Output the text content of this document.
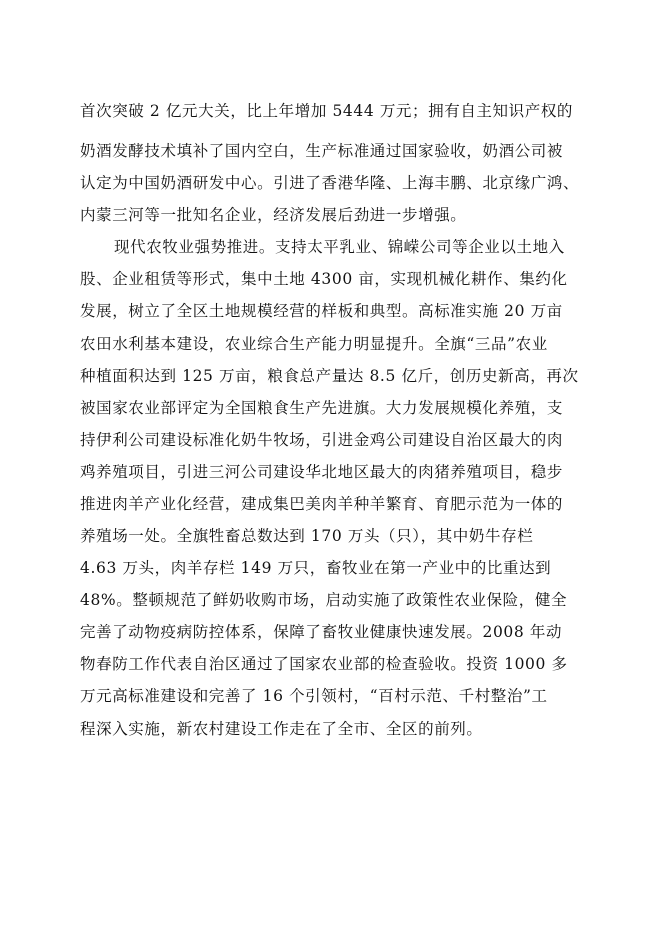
首次突破 2 亿元大关，比上年增加 5444 万元；拥有自主知识产权的
奶酒发酵技术填补了国内空白，生产标准通过国家验收，奶酒公司被
认定为中国奶酒研发中心。引进了香港华隆、上海丰鹏、北京缘广鸿、
内蒙三河等一批知名企业，经济发展后劲进一步增强。
现代农牧业强势推进。支持太平乳业、锦嵘公司等企业以土地入
股、企业租赁等形式，集中土地 4300 亩，实现机械化耕作、集约化
发展，树立了全区土地规模经营的样板和典型。高标准实施 20 万亩
农田水利基本建设，农业综合生产能力明显提升。全旗“三品”农业
种植面积达到 125 万亩，粮食总产量达 8.5 亿斤，创历史新高，再次
被国家农业部评定为全国粮食生产先进旗。大力发展规模化养殖，支
持伊利公司建设标准化奶牛牧场，引进金鸡公司建设自治区最大的肉
鸡养殖项目，引进三河公司建设华北地区最大的肉猪养殖项目，稳步
推进肉羊产业化经营，建成集巴美肉羊种羊繁育、育肥示范为一体的
养殖场一处。全旗牲畜总数达到 170 万头（只），其中奶牛存栏
4.63 万头，肉羊存栏 149 万只，畜牧业在第一产业中的比重达到
48%。整顿规范了鲜奶收购市场，启动实施了政策性农业保险，健全
完善了动物疫病防控体系，保障了畜牧业健康快速发展。2008 年动
物春防工作代表自治区通过了国家农业部的检查验收。投资 1000 多
万元高标准建设和完善了 16 个引领村，“百村示范、千村整治”工
程深入实施，新农村建设工作走在了全市、全区的前列。
